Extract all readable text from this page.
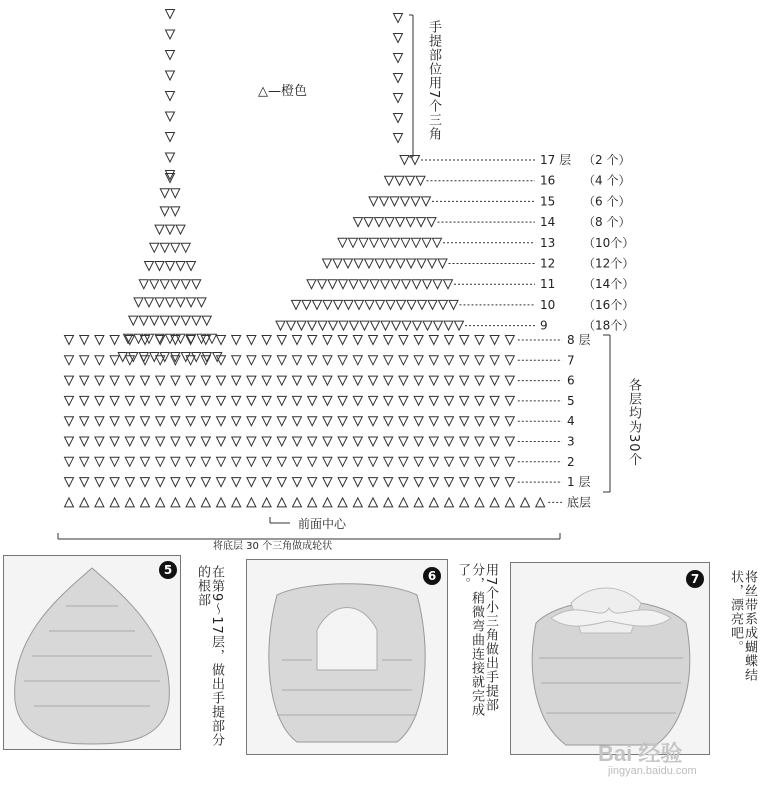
△—橙色
17 层 （2 个）
16 （4 个）
15 （6 个）
14 （8 个）
13 （10个）
12 （12个）
11 （14个）
10 （16个）
9	（18个）
8 层
7
6
5
4
3
2
1 层
底层
前面中心
将底层 30 个三角做成轮状
手提部位用7个三角
各层均为30个
5	在第9～17层，做出手提部分的根部	6	用7个小三角做出手提部分，稍微弯曲连接就完成了。	7	将丝带系成蝴蝶结状，漂亮吧。
Bai 经验
jingyan.baidu.com
